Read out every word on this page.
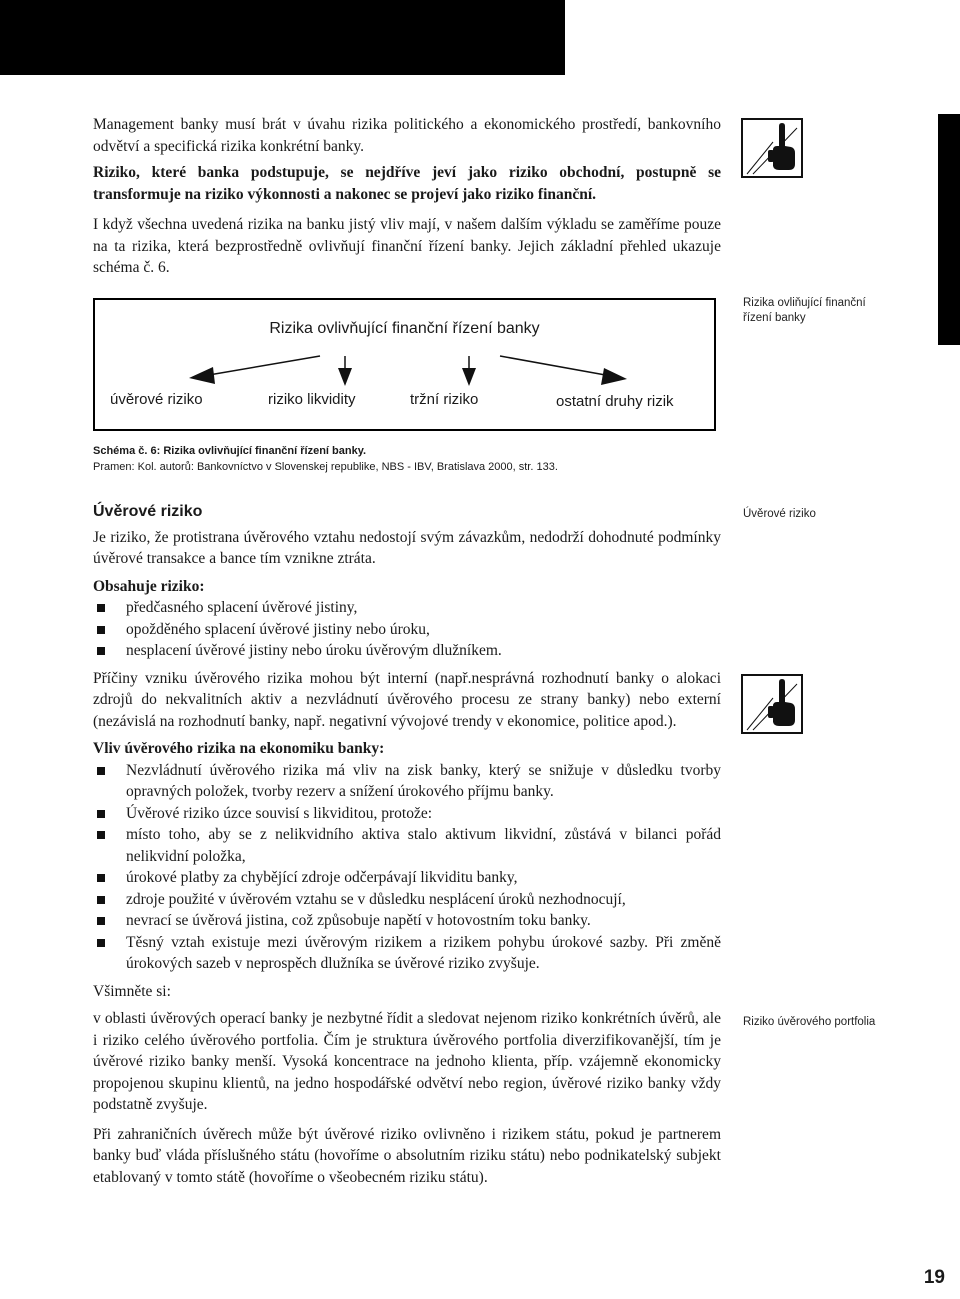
Management banky musí brát v úvahu rizika politického a ekonomického prostředí, bankovního odvětví a specifická rizika konkrétní banky.

Riziko, které banka podstupuje, se nejdříve jeví jako riziko obchodní, postupně se transformuje na riziko výkonnosti a nakonec se projeví jako riziko finanční.

I když všechna uvedená rizika na banku jistý vliv mají, v našem dalším výkladu se zaměříme pouze na ta rizika, která bezprostředně ovlivňují finanční řízení banky. Jejich základní přehled ukazuje schéma č. 6.

Rizika ovliňující finanční řízení banky
Rizika ovlivňující finanční řízení banky
úvěrové riziko	riziko likvidity	tržní riziko	ostatní druhy rizik
Schéma č. 6: Rizika ovlivňující finanční řízení banky.
Pramen: Kol. autorů: Bankovníctvo v Slovenskej republike, NBS - IBV, Bratislava 2000, str. 133.
Úvěrové riziko
Riziko úvěrového portfolia
Úvěrové riziko

Je riziko, že protistrana úvěrového vztahu nedostojí svým závazkům, nedodrží dohodnuté podmínky úvěrové transakce a bance tím vznikne ztráta.

Obsahuje riziko:

předčasného splacení úvěrové jistiny,
opožděného splacení úvěrové jistiny nebo úroku,
nesplacení úvěrové jistiny nebo úroku úvěrovým dlužníkem.

Příčiny vzniku úvěrového rizika mohou být interní (např.nesprávná rozhodnutí banky o alokaci zdrojů do nekvalitních aktiv a nezvládnutí úvěrového procesu ze strany banky) nebo externí (nezávislá na rozhodnutí banky, např. negativní vývojové trendy v ekonomice, politice apod.).

Vliv úvěrového rizika na ekonomiku banky:

Nezvládnutí úvěrového rizika má vliv na zisk banky, který se snižuje v důsledku tvorby opravných položek, tvorby rezerv a snížení úrokového příjmu banky.
Úvěrové riziko úzce souvisí s likviditou, protože:
místo toho, aby se z nelikvidního aktiva stalo aktivum likvidní, zůstává v bilanci pořád nelikvidní položka,
úrokové platby za chybějící zdroje odčerpávají likviditu banky,
zdroje použité v úvěrovém vztahu se v důsledku nesplácení úroků nezhodnocují,
nevrací se úvěrová jistina, což způsobuje napětí v hotovostním toku banky.
Těsný vztah existuje mezi úvěrovým rizikem a rizikem pohybu úrokové sazby. Při změně úrokových sazeb v neprospěch dlužníka se úvěrové riziko zvyšuje.

Všimněte si:

v oblasti úvěrových operací banky je nezbytné řídit a sledovat nejenom riziko konkrétních úvěrů, ale i riziko celého úvěrového portfolia. Čím je struktura úvěrového portfolia diverzifikovanější, tím je úvěrové riziko banky menší. Vysoká koncentrace na jednoho klienta, příp. vzájemně ekonomicky propojenou skupinu klientů, na jedno hospodářské odvětví nebo region, úvěrové riziko banky vždy podstatně zvyšuje.

Při zahraničních úvěrech může být úvěrové riziko ovlivněno i rizikem státu, pokud je partnerem banky buď vláda příslušného státu (hovoříme o absolutním riziku státu) nebo podnikatelský subjekt etablovaný v tomto státě (hovoříme o všeobecném riziku státu).

19
